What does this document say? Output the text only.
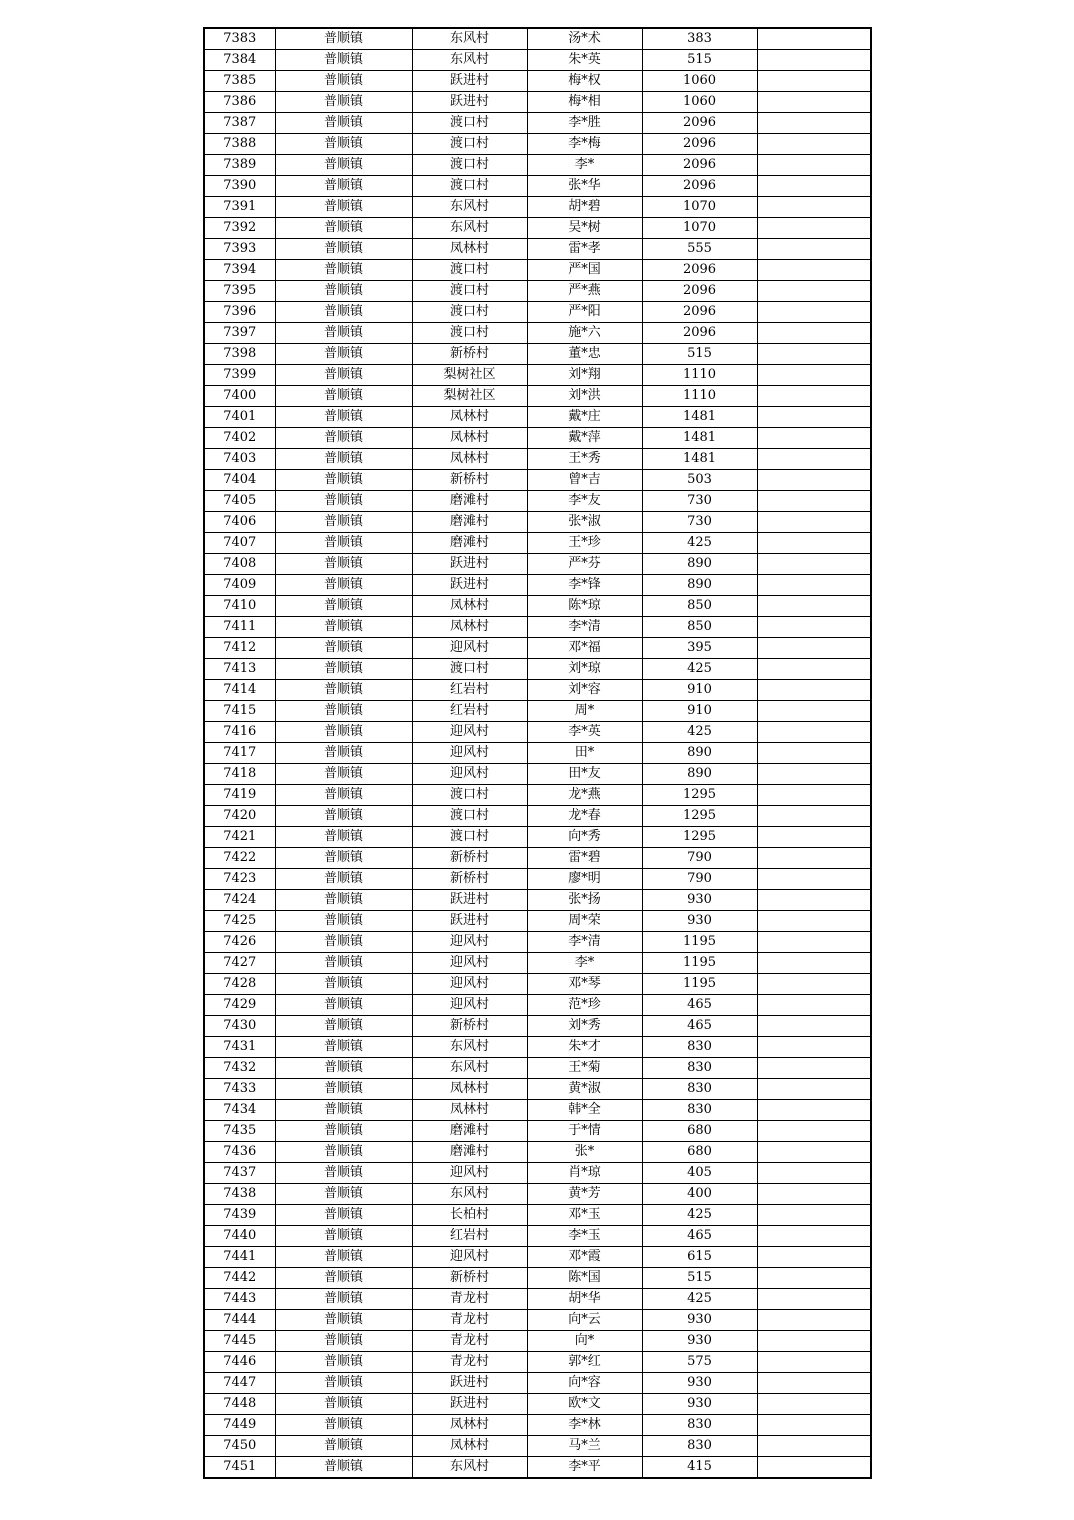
7383	普顺镇	东风村	汤*术	383	
7384	普顺镇	东风村	朱*英	515	
7385	普顺镇	跃进村	梅*权	1060	
7386	普顺镇	跃进村	梅*相	1060	
7387	普顺镇	渡口村	李*胜	2096	
7388	普顺镇	渡口村	李*梅	2096	
7389	普顺镇	渡口村	李*	2096	
7390	普顺镇	渡口村	张*华	2096	
7391	普顺镇	东风村	胡*碧	1070	
7392	普顺镇	东风村	吴*树	1070	
7393	普顺镇	凤林村	雷*孝	555	
7394	普顺镇	渡口村	严*国	2096	
7395	普顺镇	渡口村	严*燕	2096	
7396	普顺镇	渡口村	严*阳	2096	
7397	普顺镇	渡口村	施*六	2096	
7398	普顺镇	新桥村	董*忠	515	
7399	普顺镇	梨树社区	刘*翔	1110	
7400	普顺镇	梨树社区	刘*洪	1110	
7401	普顺镇	凤林村	戴*庄	1481	
7402	普顺镇	凤林村	戴*萍	1481	
7403	普顺镇	凤林村	王*秀	1481	
7404	普顺镇	新桥村	曾*吉	503	
7405	普顺镇	磨滩村	李*友	730	
7406	普顺镇	磨滩村	张*淑	730	
7407	普顺镇	磨滩村	王*珍	425	
7408	普顺镇	跃进村	严*芬	890	
7409	普顺镇	跃进村	李*锋	890	
7410	普顺镇	凤林村	陈*琼	850	
7411	普顺镇	凤林村	李*清	850	
7412	普顺镇	迎风村	邓*福	395	
7413	普顺镇	渡口村	刘*琼	425	
7414	普顺镇	红岩村	刘*容	910	
7415	普顺镇	红岩村	周*	910	
7416	普顺镇	迎风村	李*英	425	
7417	普顺镇	迎风村	田*	890	
7418	普顺镇	迎风村	田*友	890	
7419	普顺镇	渡口村	龙*燕	1295	
7420	普顺镇	渡口村	龙*春	1295	
7421	普顺镇	渡口村	向*秀	1295	
7422	普顺镇	新桥村	雷*碧	790	
7423	普顺镇	新桥村	廖*明	790	
7424	普顺镇	跃进村	张*扬	930	
7425	普顺镇	跃进村	周*荣	930	
7426	普顺镇	迎风村	李*清	1195	
7427	普顺镇	迎风村	李*	1195	
7428	普顺镇	迎风村	邓*琴	1195	
7429	普顺镇	迎风村	范*珍	465	
7430	普顺镇	新桥村	刘*秀	465	
7431	普顺镇	东风村	朱*才	830	
7432	普顺镇	东风村	王*菊	830	
7433	普顺镇	凤林村	黄*淑	830	
7434	普顺镇	凤林村	韩*全	830	
7435	普顺镇	磨滩村	于*情	680	
7436	普顺镇	磨滩村	张*	680	
7437	普顺镇	迎风村	肖*琼	405	
7438	普顺镇	东风村	黄*芳	400	
7439	普顺镇	长柏村	邓*玉	425	
7440	普顺镇	红岩村	李*玉	465	
7441	普顺镇	迎风村	邓*霞	615	
7442	普顺镇	新桥村	陈*国	515	
7443	普顺镇	青龙村	胡*华	425	
7444	普顺镇	青龙村	向*云	930	
7445	普顺镇	青龙村	向*	930	
7446	普顺镇	青龙村	郭*红	575	
7447	普顺镇	跃进村	向*容	930	
7448	普顺镇	跃进村	欧*文	930	
7449	普顺镇	凤林村	李*林	830	
7450	普顺镇	凤林村	马*兰	830	
7451	普顺镇	东风村	李*平	415	
